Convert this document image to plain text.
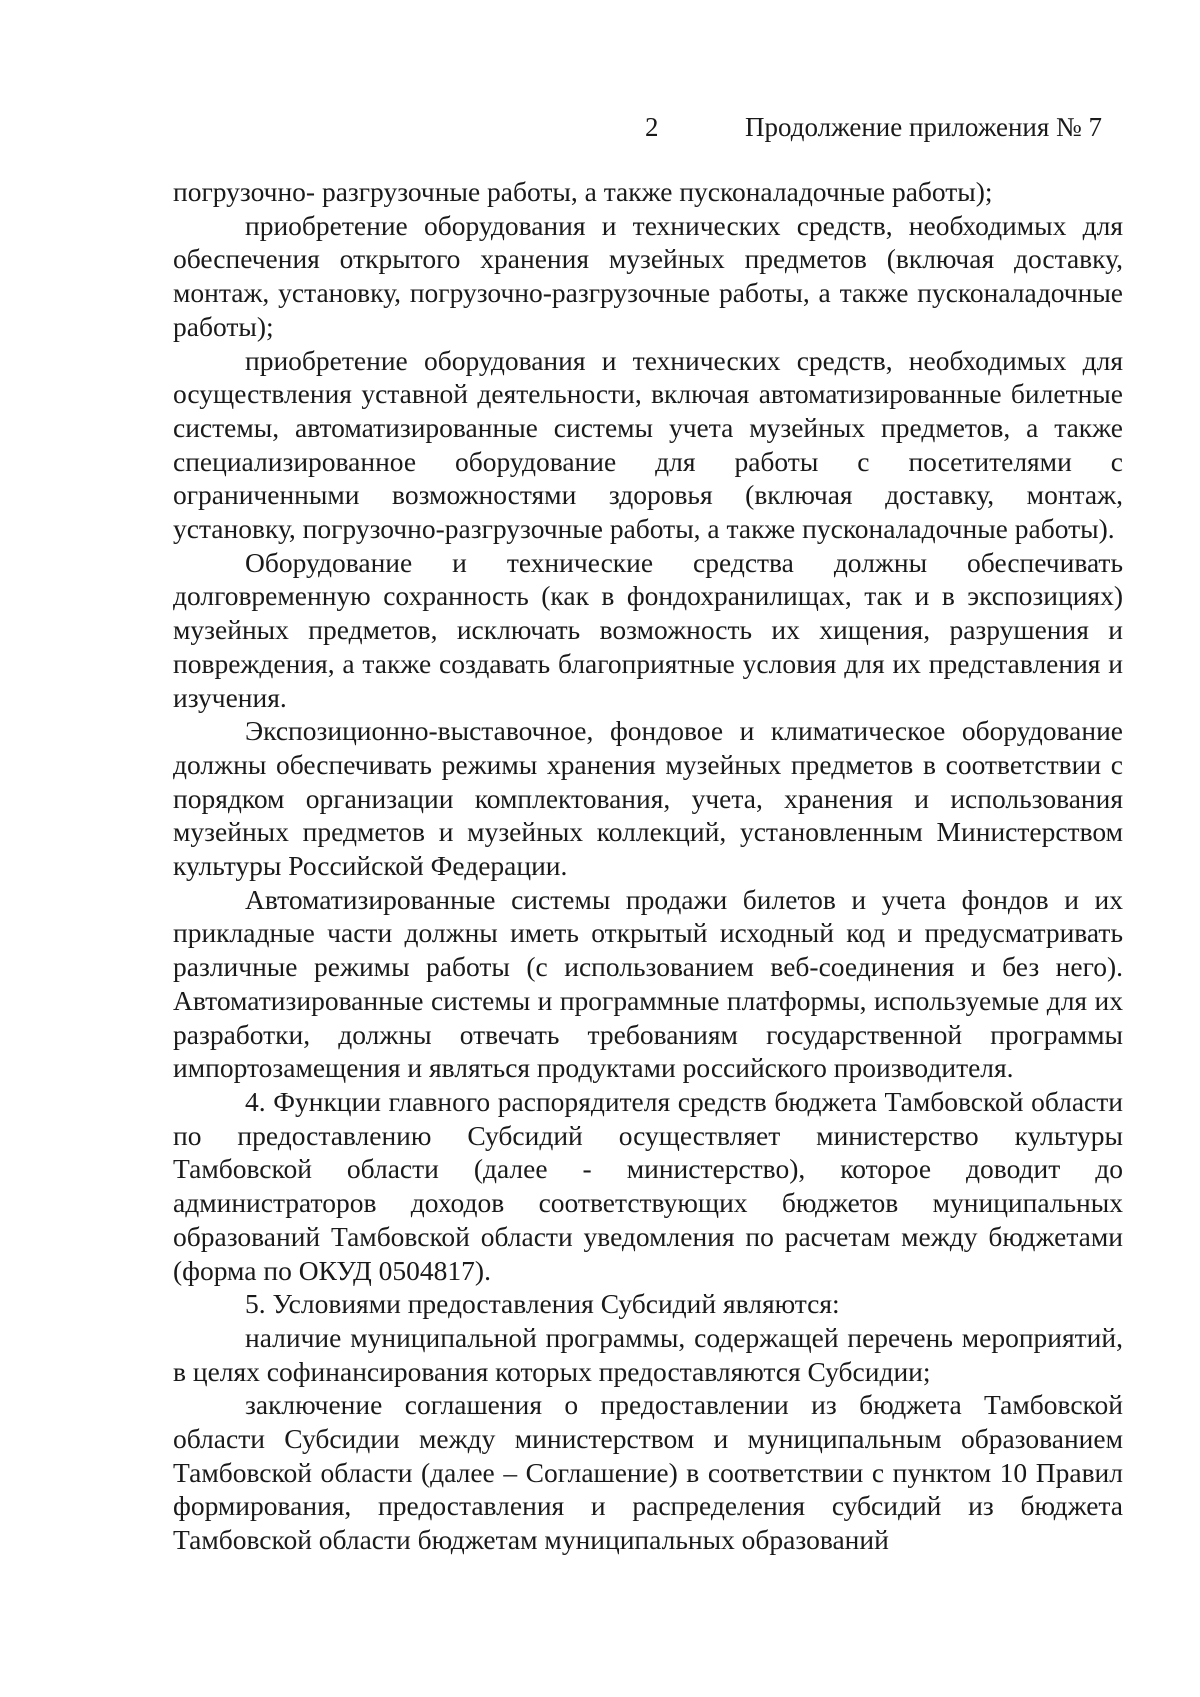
2	Продолжение приложения № 7

погрузочно- разгрузочные работы, а также пусконаладочные работы);

приобретение оборудования и технических средств, необходимых для обеспечения открытого хранения музейных предметов (включая доставку, монтаж, установку, погрузочно-разгрузочные работы, а также пусконаладочные работы);

приобретение оборудования и технических средств, необходимых для осуществления уставной деятельности, включая автоматизированные билетные системы, автоматизированные системы учета музейных предметов, а также специализированное оборудование для работы с посетителями с ограниченными возможностями здоровья (включая доставку, монтаж, установку, погрузочно-разгрузочные работы, а также пусконаладочные работы).

Оборудование и технические средства должны обеспечивать долговременную сохранность (как в фондохранилищах, так и в экспозициях) музейных предметов, исключать возможность их хищения, разрушения и повреждения, а также создавать благоприятные условия для их представления и изучения.

Экспозиционно-выставочное, фондовое и климатическое оборудование должны обеспечивать режимы хранения музейных предметов в соответствии с порядком организации комплектования, учета, хранения и использования музейных предметов и музейных коллекций, установленным Министерством культуры Российской Федерации.

Автоматизированные системы продажи билетов и учета фондов и их прикладные части должны иметь открытый исходный код и предусматривать различные режимы работы (с использованием веб-соединения и без него). Автоматизированные системы и программные платформы, используемые для их разработки, должны отвечать требованиям государственной программы импортозамещения и являться продуктами российского производителя.

4. Функции главного распорядителя средств бюджета Тамбовской области по предоставлению Субсидий осуществляет министерство культуры Тамбовской области (далее - министерство), которое доводит до администраторов доходов соответствующих бюджетов муниципальных образований Тамбовской области уведомления по расчетам между бюджетами (форма по ОКУД 0504817).

5. Условиями предоставления Субсидий являются:

наличие муниципальной программы, содержащей перечень мероприятий, в целях софинансирования которых предоставляются Субсидии;

заключение соглашения о предоставлении из бюджета Тамбовской области Субсидии между министерством и муниципальным образованием Тамбовской области (далее – Соглашение) в соответствии с пунктом 10 Правил формирования, предоставления и распределения субсидий из бюджета Тамбовской области бюджетам муниципальных образований
